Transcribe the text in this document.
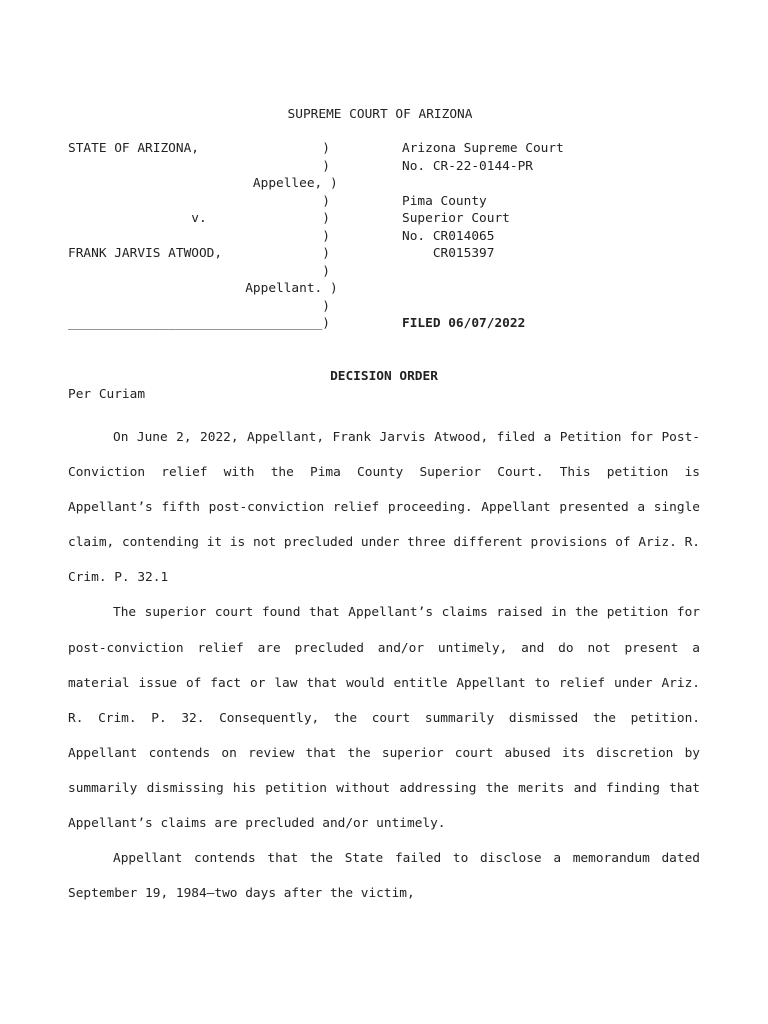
SUPREME COURT OF ARIZONA
STATE OF ARIZONA,                )
)
Appellee, )
)
v.               )
)
FRANK JARVIS ATWOOD,             )
)
Appellant. )
)
_________________________________)
Arizona Supreme Court
No. CR-22-0144-PR
Pima County
Superior Court
No. CR014065
CR015397
FILED 06/07/2022
DECISION ORDER
Per Curiam

On June 2, 2022, Appellant, Frank Jarvis Atwood, filed a Petition for Post-Conviction relief with the Pima County Superior Court. This petition is Appellant’s fifth post-conviction relief proceeding. Appellant presented a single claim, contending it is not precluded under three different provisions of Ariz. R. Crim. P. 32.1

The superior court found that Appellant’s claims raised in the petition for post-conviction relief are precluded and/or untimely, and do not present a material issue of fact or law that would entitle Appellant to relief under Ariz. R. Crim. P. 32. Consequently, the court summarily dismissed the petition. Appellant contends on review that the superior court abused its discretion by summarily dismissing his petition without addressing the merits and finding that Appellant’s claims are precluded and/or untimely.

Appellant contends that the State failed to disclose a memorandum dated September 19, 1984—two days after the victim,
